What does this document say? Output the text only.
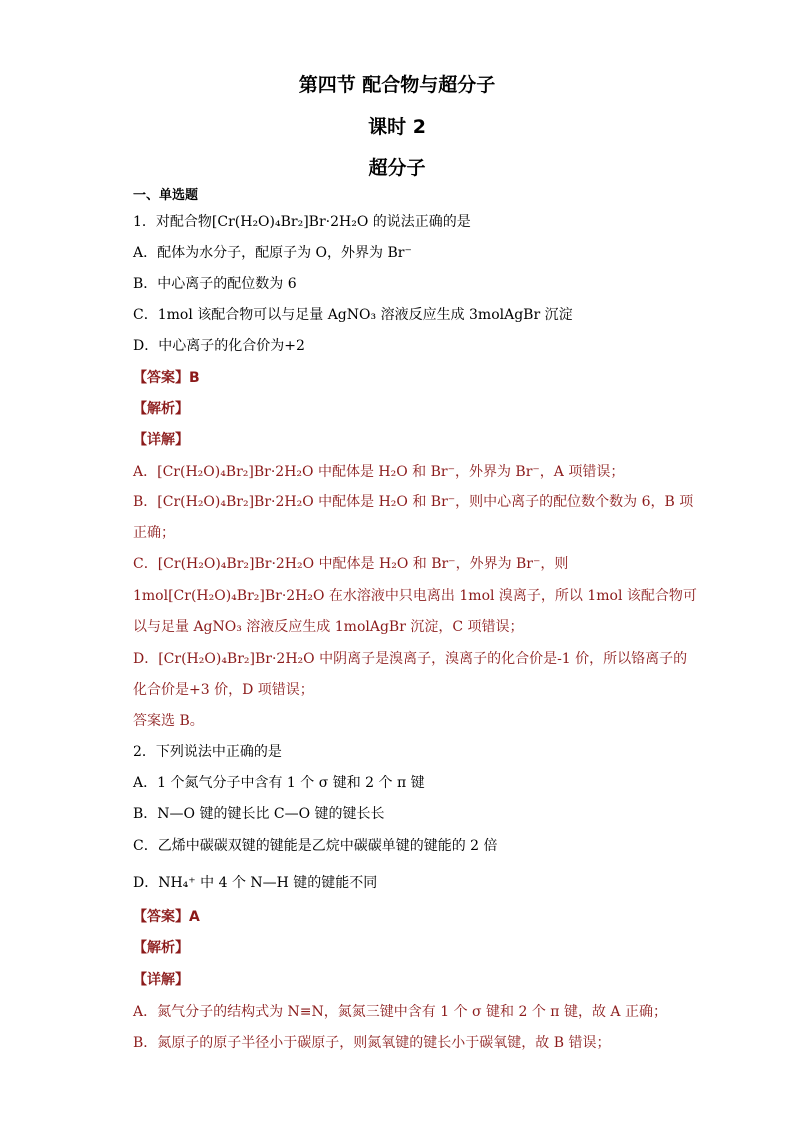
第四节 配合物与超分子
课时 2
超分子
一、单选题
1．对配合物[Cr(H₂O)₄Br₂]Br·2H₂O 的说法正确的是
A．配体为水分子，配原子为 O，外界为 Br⁻
B．中心离子的配位数为 6
C．1mol 该配合物可以与足量 AgNO₃ 溶液反应生成 3molAgBr 沉淀
D．中心离子的化合价为+2
【答案】B
【解析】
【详解】
A．[Cr(H₂O)₄Br₂]Br·2H₂O 中配体是 H₂O 和 Br⁻，外界为 Br⁻，A 项错误；
B．[Cr(H₂O)₄Br₂]Br·2H₂O 中配体是 H₂O 和 Br⁻，则中心离子的配位数个数为 6，B 项
正确；
C．[Cr(H₂O)₄Br₂]Br·2H₂O 中配体是 H₂O 和 Br⁻，外界为 Br⁻，则
1mol[Cr(H₂O)₄Br₂]Br·2H₂O 在水溶液中只电离出 1mol 溴离子，所以 1mol 该配合物可
以与足量 AgNO₃ 溶液反应生成 1molAgBr 沉淀，C 项错误；
D．[Cr(H₂O)₄Br₂]Br·2H₂O 中阴离子是溴离子，溴离子的化合价是-1 价，所以铬离子的
化合价是+3 价，D 项错误；
答案选 B。
2．下列说法中正确的是
A．1 个氮气分子中含有 1 个 σ 键和 2 个 π 键
B．N—O 键的键长比 C—O 键的键长长
C．乙烯中碳碳双键的键能是乙烷中碳碳单键的键能的 2 倍
D．NH₄⁺ 中 4 个 N—H 键的键能不同
【答案】A
【解析】
【详解】
A．氮气分子的结构式为 N≡N，氮氮三键中含有 1 个 σ 键和 2 个 π 键，故 A 正确；
B．氮原子的原子半径小于碳原子，则氮氧键的键长小于碳氧键，故 B 错误；
